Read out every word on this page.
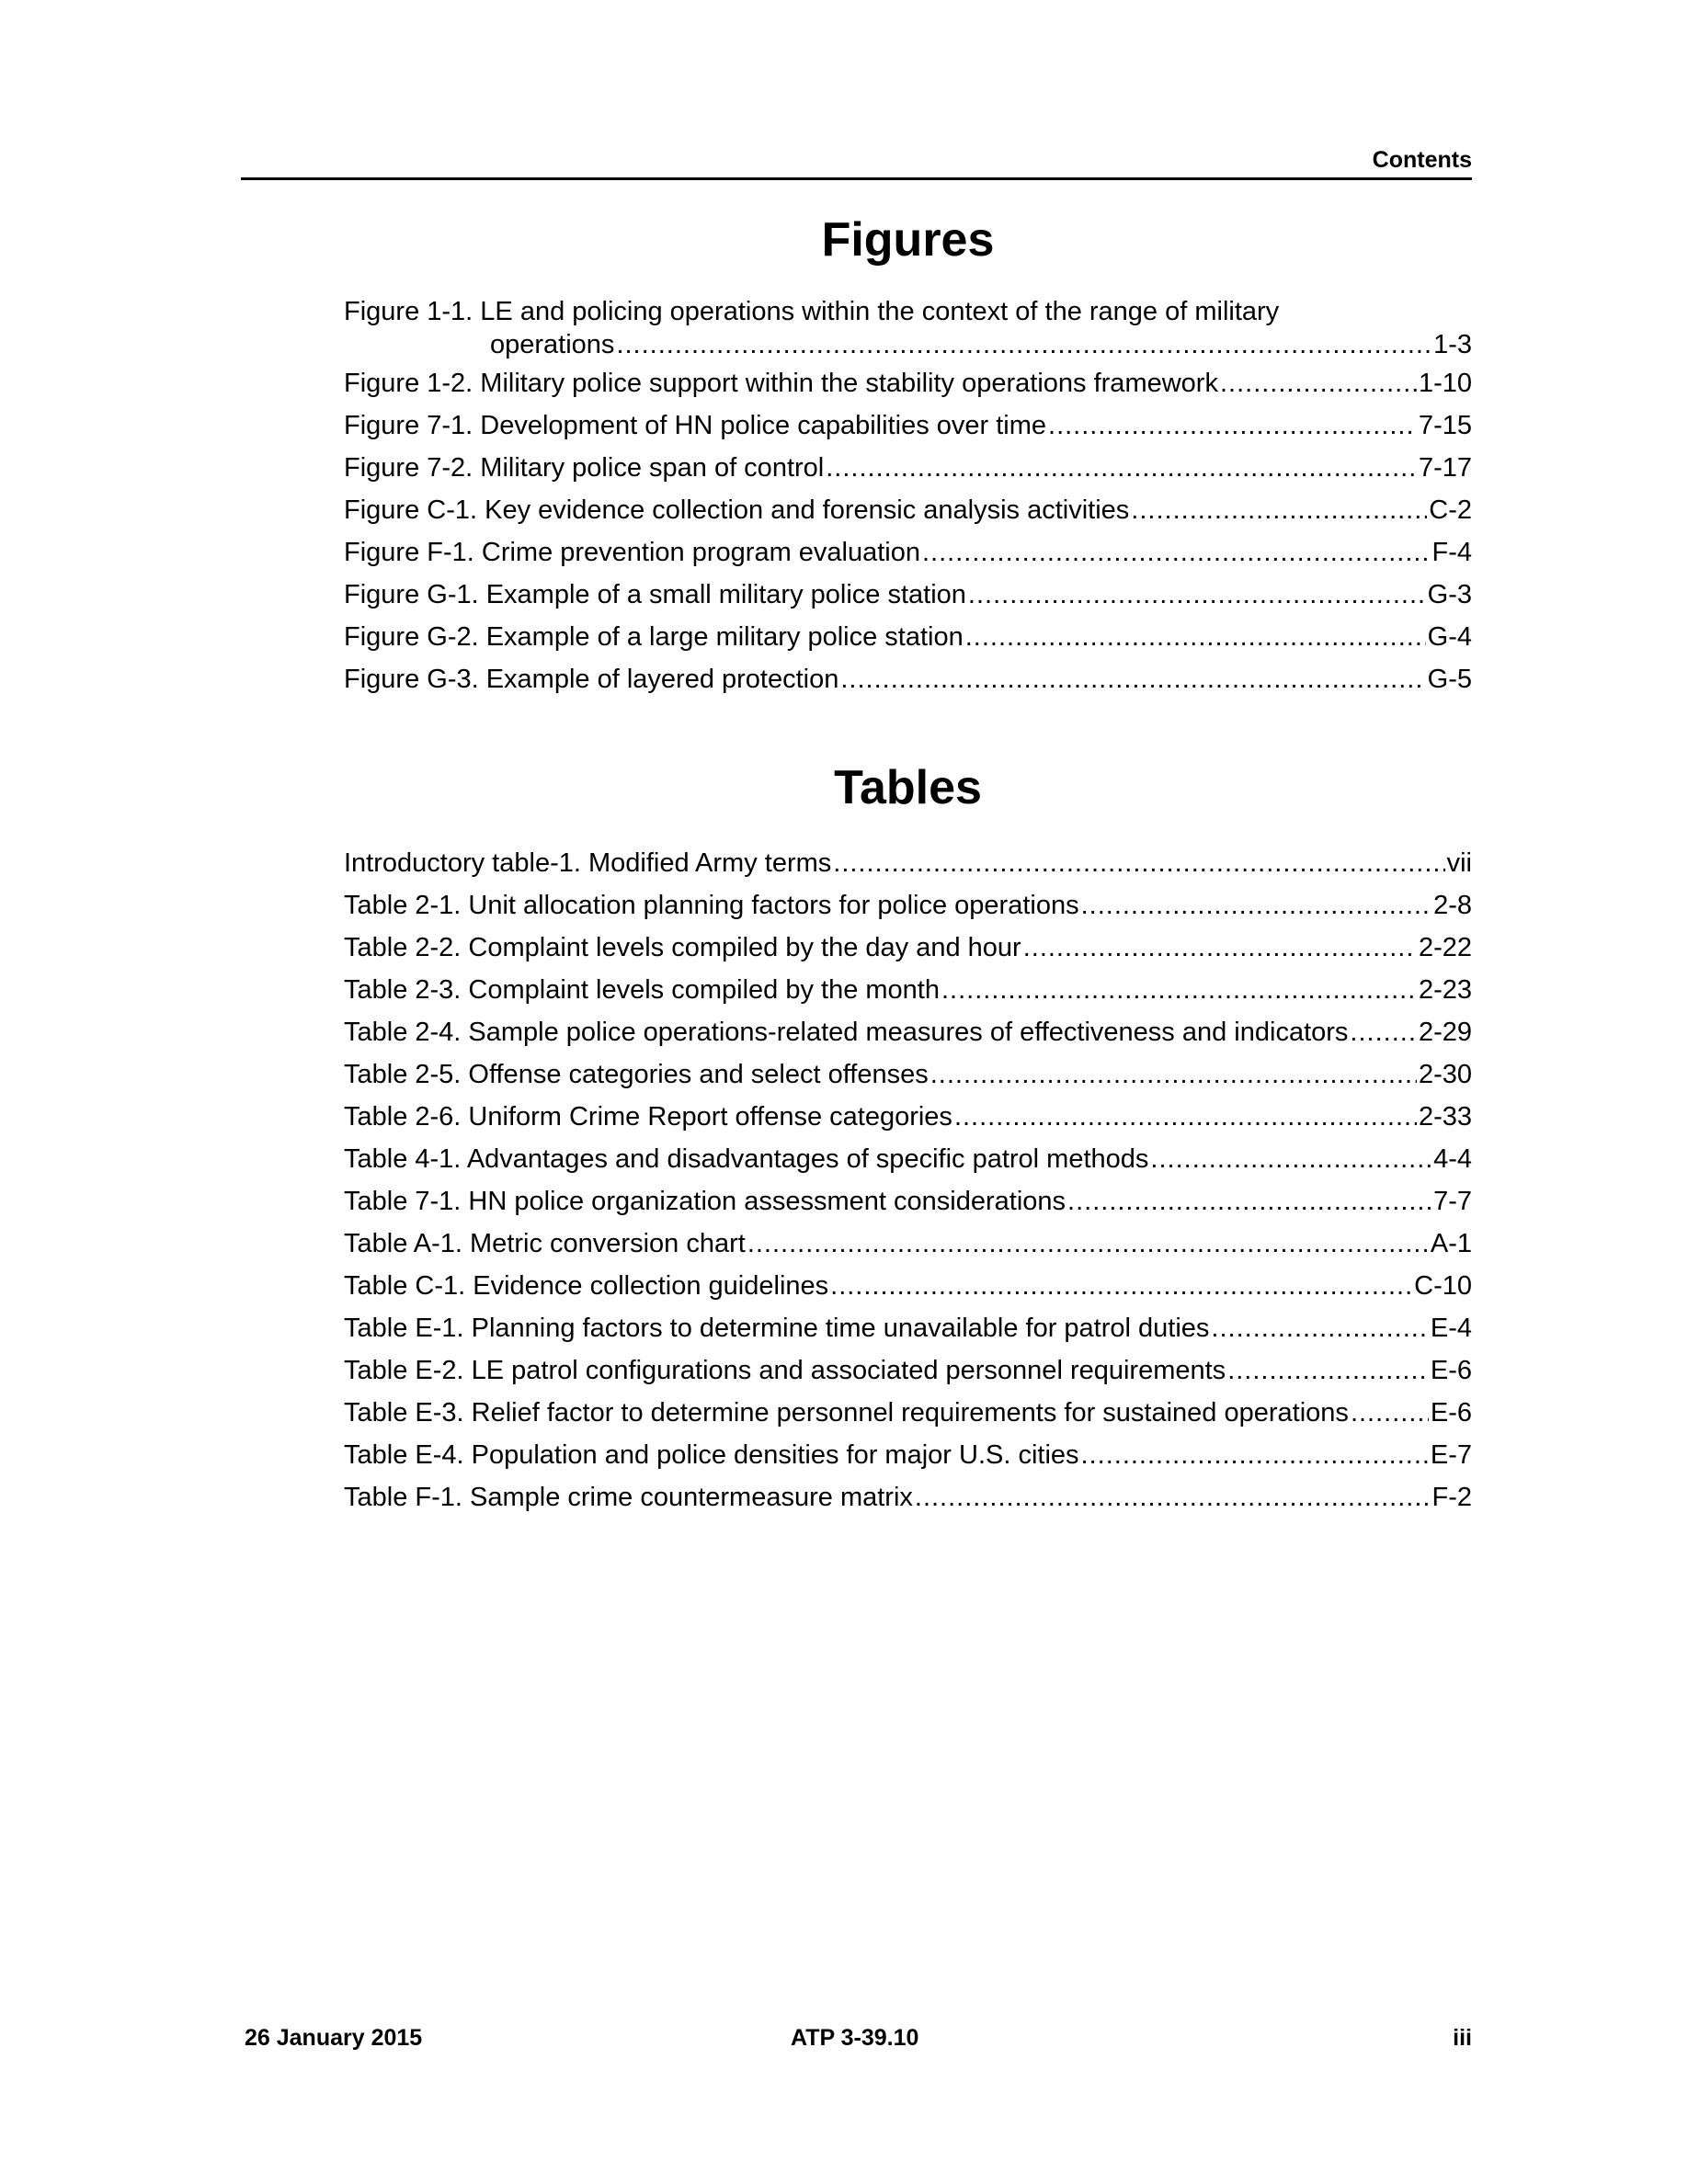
Contents
Figures
Figure 1-1. LE and policing operations within the context of the range of military
operations .....	1-3
Figure 1-2. Military police support within the stability operations framework .....	1-10
Figure 7-1. Development of HN police capabilities over time .....	7-15
Figure 7-2. Military police span of control .....	7-17
Figure C-1. Key evidence collection and forensic analysis activities .....	C-2
Figure F-1. Crime prevention program evaluation .....	F-4
Figure G-1. Example of a small military police station .....	G-3
Figure G-2. Example of a large military police station .....	G-4
Figure G-3. Example of layered protection .....	G-5
Tables
Introductory table-1. Modified Army terms .....	vii
Table 2-1. Unit allocation planning factors for police operations .....	2-8
Table 2-2. Complaint levels compiled by the day and hour .....	2-22
Table 2-3. Complaint levels compiled by the month .....	2-23
Table 2-4. Sample police operations-related measures of effectiveness and indicators .....	2-29
Table 2-5. Offense categories and select offenses .....	2-30
Table 2-6. Uniform Crime Report offense categories .....	2-33
Table 4-1. Advantages and disadvantages of specific patrol methods .....	4-4
Table 7-1. HN police organization assessment considerations .....	7-7
Table A-1. Metric conversion chart .....	A-1
Table C-1. Evidence collection guidelines .....	C-10
Table E-1. Planning factors to determine time unavailable for patrol duties .....	E-4
Table E-2. LE patrol configurations and associated personnel requirements .....	E-6
Table E-3. Relief factor to determine personnel requirements for sustained operations .....	E-6
Table E-4. Population and police densities for major U.S. cities .....	E-7
Table F-1. Sample crime countermeasure matrix .....	F-2
26 January 2015	ATP 3-39.10	iii
